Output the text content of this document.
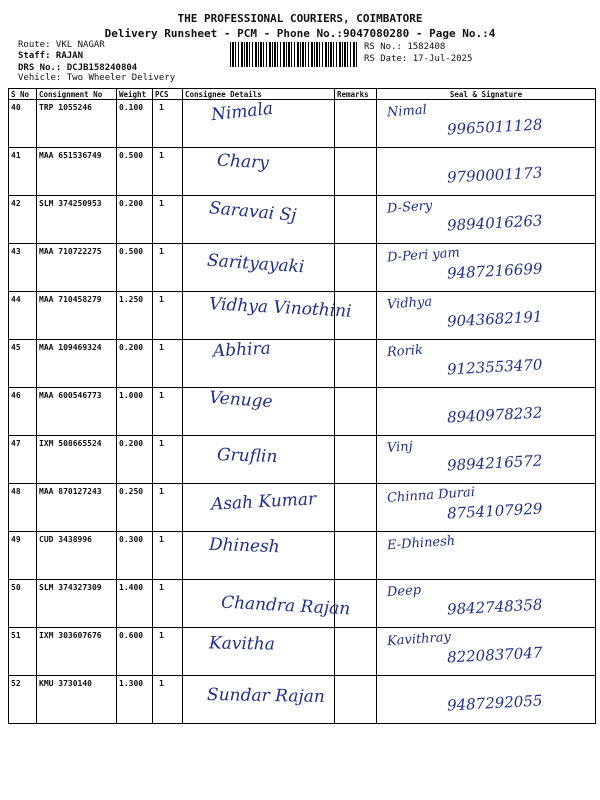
THE PROFESSIONAL COURIERS, COIMBATORE
Delivery Runsheet - PCM - Phone No.:9047080280 - Page No.:4
Route: VKL NAGAR
Staff: RAJAN
DRS No.: DCJB158240804
Vehicle: Two Wheeler Delivery
RS No.: 1582408
RS Date: 17-Jul-2025
S No	Consignment No	Weight	PCS	Consignee Details	Remarks	Seal & Signature
40	TRP 1055246	0.100	1	Nimala		Nimal
9965011128

41	MAA 651536749	0.500	1	Chary		9790001173

42	SLM 374250953	0.200	1	Saravai Sj		D-Sery
9894016263

43	MAA 710722275	0.500	1	Sarityayaki		D-Peri yam
9487216699

44	MAA 710458279	1.250	1	Vidhya Vinothini		Vidhya
9043682191

45	MAA 109469324	0.200	1	Abhira		Rorik
9123553470

46	MAA 600546773	1.000	1	Venuge		8940978232

47	IXM 508665524	0.200	1	Gruflin		Vinj
9894216572

48	MAA 870127243	0.250	1	Asah Kumar		Chinna Durai
8754107929

49	CUD 3438996	0.300	1	Dhinesh		E-Dhinesh

50	SLM 374327309	1.400	1	Chandra Rajan		Deep
9842748358

51	IXM 303607676	0.600	1	Kavitha		Kavithray
8220837047

52	KMU 3730140	1.300	1	Sundar Rajan		9487292055
